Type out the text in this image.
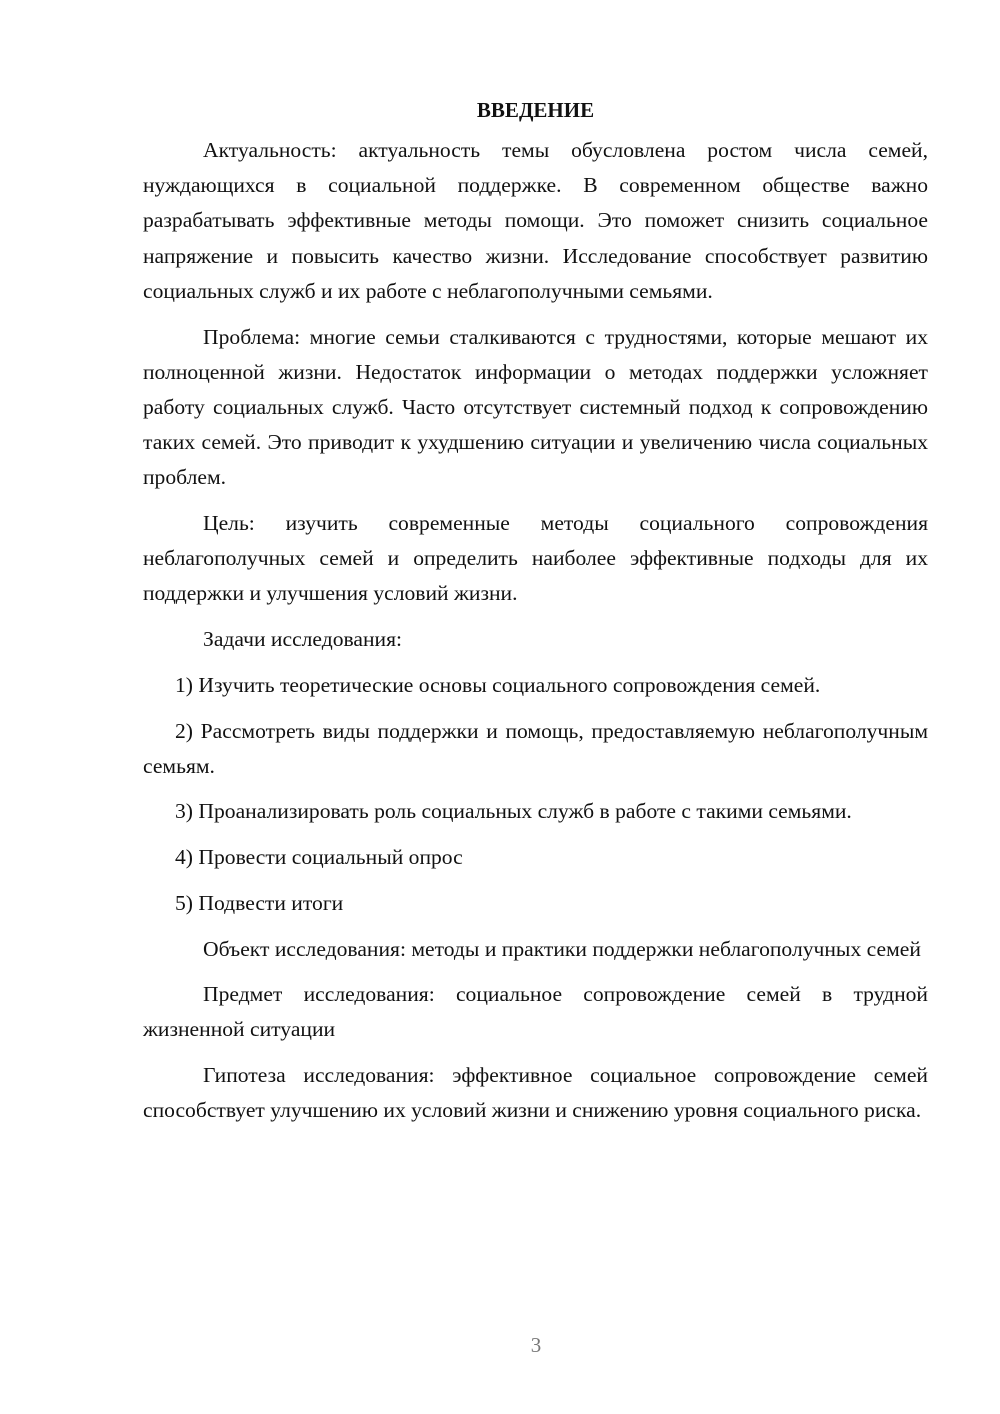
ВВЕДЕНИЕ

Актуальность: актуальность темы обусловлена ростом числа семей, нуждающихся в социальной поддержке. В современном обществе важно разрабатывать эффективные методы помощи. Это поможет снизить социальное напряжение и повысить качество жизни. Исследование способствует развитию социальных служб и их работе с неблагополучными семьями.

Проблема: многие семьи сталкиваются с трудностями, которые мешают их полноценной жизни. Недостаток информации о методах поддержки усложняет работу социальных служб. Часто отсутствует системный подход к сопровождению таких семей. Это приводит к ухудшению ситуации и увеличению числа социальных проблем.

Цель: изучить современные методы социального сопровождения неблагополучных семей и определить наиболее эффективные подходы для их поддержки и улучшения условий жизни.

Задачи исследования:

1) Изучить теоретические основы социального сопровождения семей.

2) Рассмотреть виды поддержки и помощь, предоставляемую неблагополучным семьям.

3) Проанализировать роль социальных служб в работе с такими семьями.

4) Провести социальный опрос

5) Подвести итоги

Объект исследования: методы и практики поддержки неблагополучных семей

Предмет исследования: социальное сопровождение семей в трудной жизненной ситуации

Гипотеза исследования: эффективное социальное сопровождение семей способствует улучшению их условий жизни и снижению уровня социального риска.

3
